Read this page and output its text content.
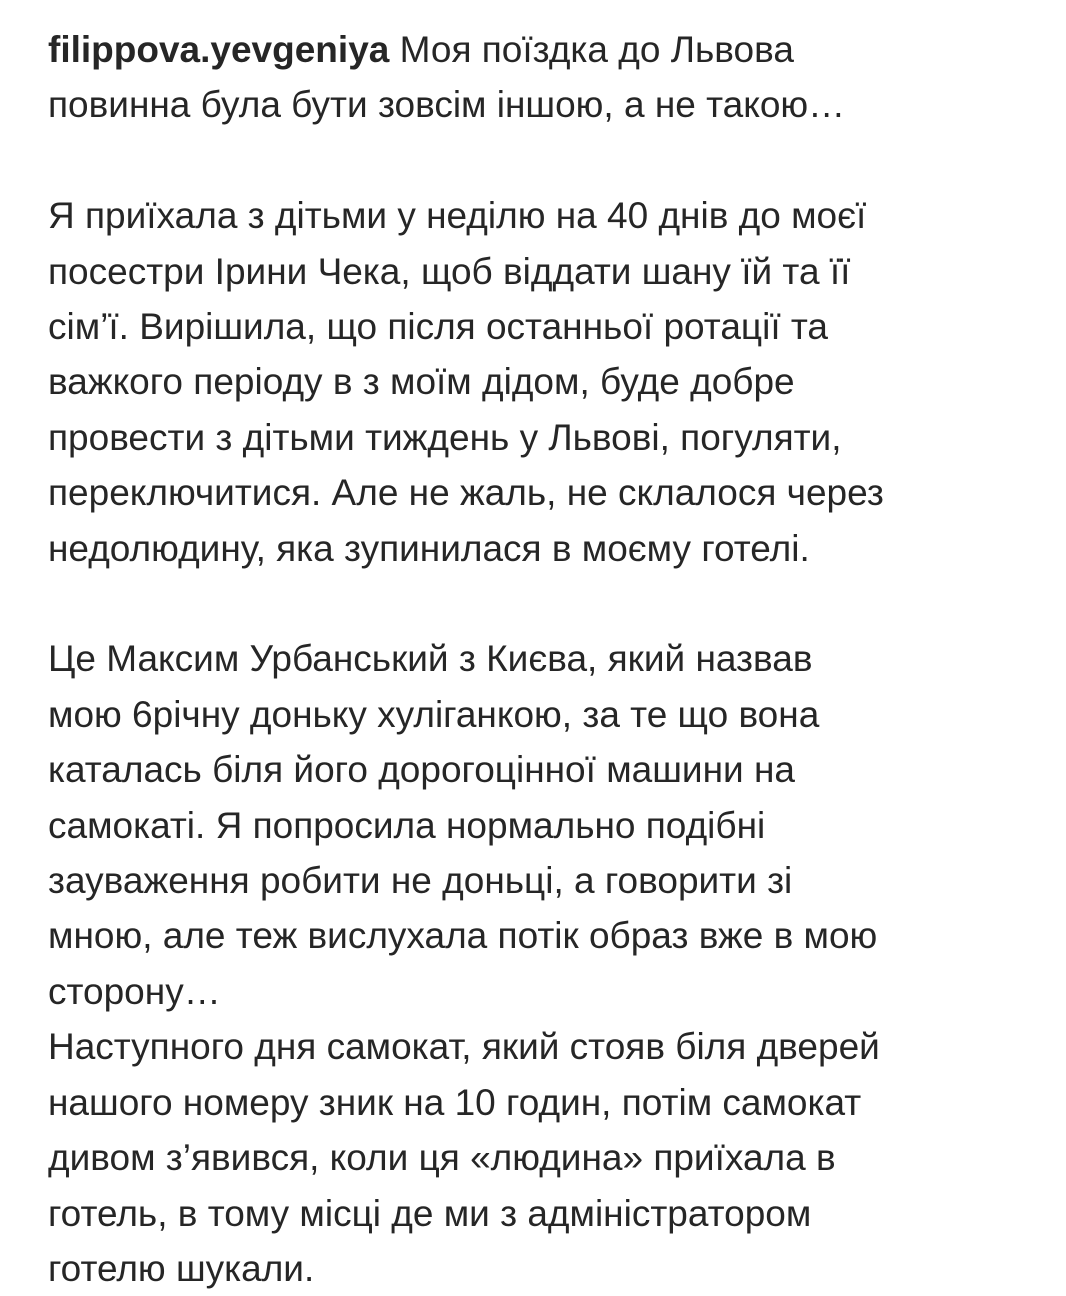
filippova.yevgeniya Моя поїздка до Львова
повинна була бути зовсім іншою, а не такою…

Я приїхала з дітьми у неділю на 40 днів до моєї
посестри Ірини Чека, щоб віддати шану їй та її
сім’ї. Вирішила, що після останньої ротації та
важкого періоду в з моїм дідом, буде добре
провести з дітьми тиждень у Львові, погуляти,
переключитися. Але не жаль, не склалося через
недолюдину, яка зупинилася в моєму готелі.

Це Максим Урбанський з Києва, який назвав
мою 6річну доньку хуліганкою, за те що вона
каталась біля його дорогоцінної машини на
самокаті. Я попросила нормально подібні
зауваження робити не доньці, а говорити зі
мною, але теж вислухала потік образ вже в мою
сторону…

Наступного дня самокат, який стояв біля дверей
нашого номеру зник на 10 годин, потім самокат
дивом з’явився, коли ця «людина» приїхала в
готель, в тому місці де ми з адміністратором
готелю шукали.
